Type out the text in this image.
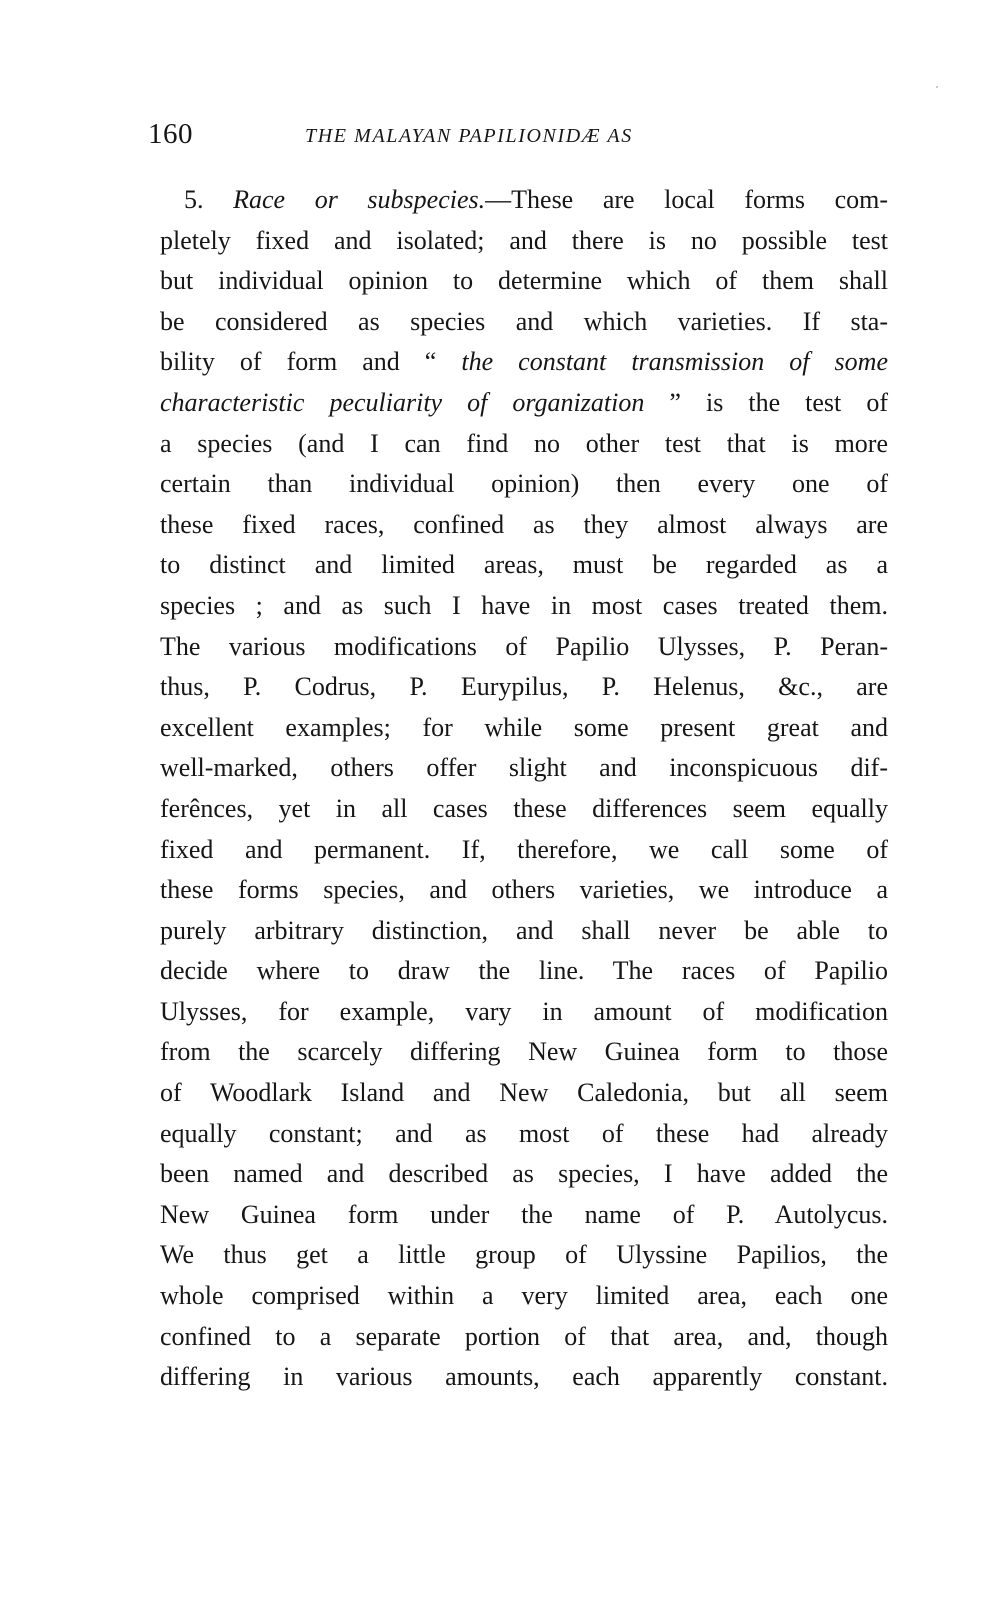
160	THE MALAYAN PAPILIONIDÆ AS
5. Race or subspecies.—These are local forms com-
pletely fixed and isolated; and there is no possible test
but individual opinion to determine which of them shall
be considered as species and which varieties. If sta-
bility of form and “ the constant transmission of some
characteristic peculiarity of organization ” is the test of
a species (and I can find no other test that is more
certain than individual opinion) then every one of
these fixed races, confined as they almost always are
to distinct and limited areas, must be regarded as a
species ; and as such I have in most cases treated them.
The various modifications of Papilio Ulysses, P. Peran-
thus, P. Codrus, P. Eurypilus, P. Helenus, &c., are
excellent examples; for while some present great and
well-marked, others offer slight and inconspicuous dif-
ferênces, yet in all cases these differences seem equally
fixed and permanent. If, therefore, we call some of
these forms species, and others varieties, we introduce a
purely arbitrary distinction, and shall never be able to
decide where to draw the line. The races of Papilio
Ulysses, for example, vary in amount of modification
from the scarcely differing New Guinea form to those
of Woodlark Island and New Caledonia, but all seem
equally constant; and as most of these had already
been named and described as species, I have added the
New Guinea form under the name of P. Autolycus.
We thus get a little group of Ulyssine Papilios, the
whole comprised within a very limited area, each one
confined to a separate portion of that area, and, though
differing in various amounts, each apparently constant.
